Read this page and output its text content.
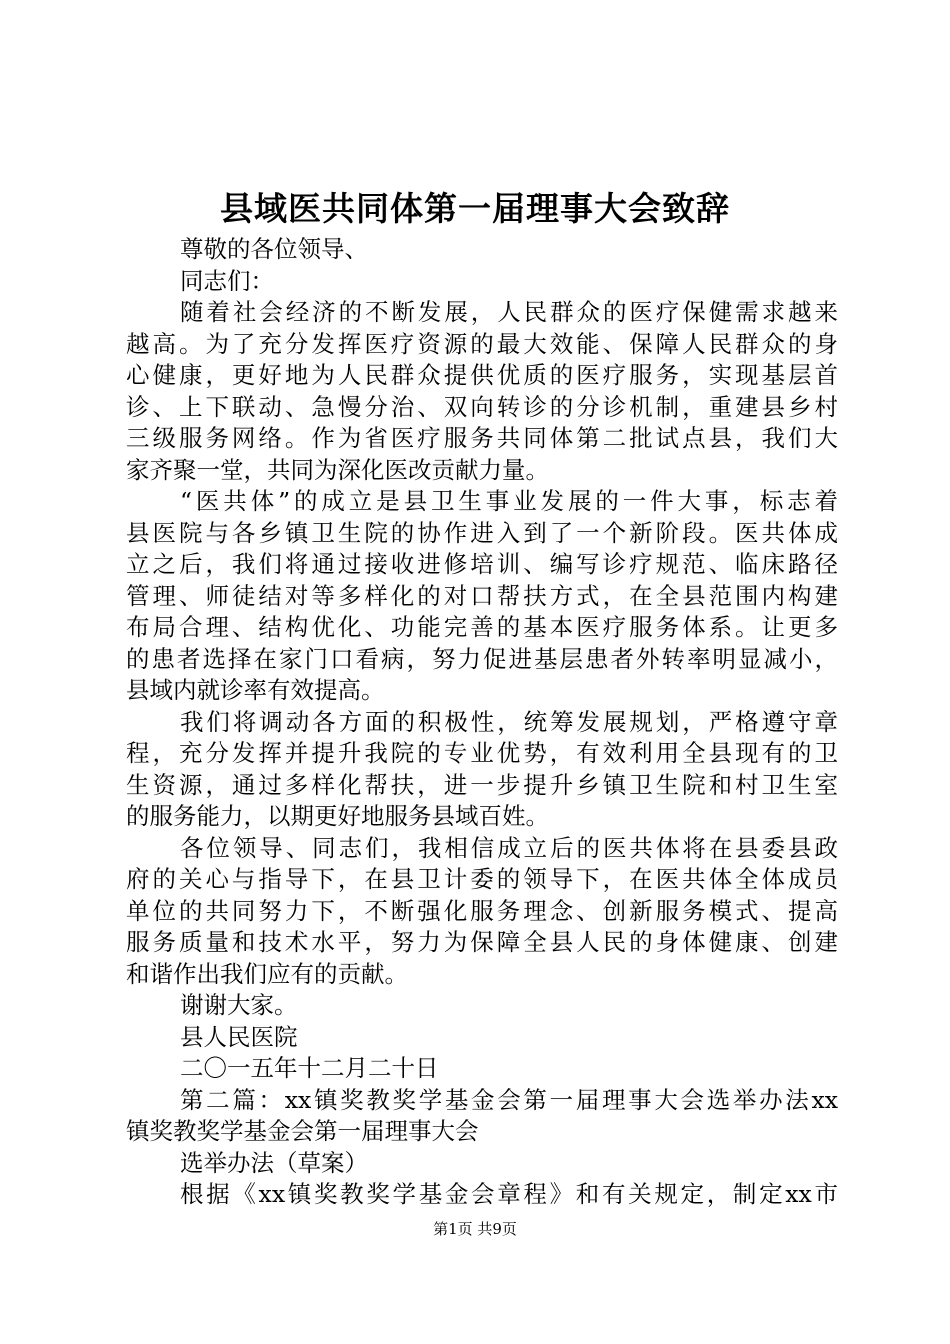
县域医共同体第一届理事大会致辞
尊敬的各位领导、
同志们：
随着社会经济的不断发展，人民群众的医疗保健需求越来
越高。为了充分发挥医疗资源的最大效能、保障人民群众的身
心健康，更好地为人民群众提供优质的医疗服务，实现基层首
诊、上下联动、急慢分治、双向转诊的分诊机制，重建县乡村
三级服务网络。作为省医疗服务共同体第二批试点县，我们大
家齐聚一堂，共同为深化医改贡献力量。
“医共体”的成立是县卫生事业发展的一件大事，标志着
县医院与各乡镇卫生院的协作进入到了一个新阶段。医共体成
立之后，我们将通过接收进修培训、编写诊疗规范、临床路径
管理、师徒结对等多样化的对口帮扶方式，在全县范围内构建
布局合理、结构优化、功能完善的基本医疗服务体系。让更多
的患者选择在家门口看病，努力促进基层患者外转率明显减小，
县域内就诊率有效提高。
我们将调动各方面的积极性，统筹发展规划，严格遵守章
程，充分发挥并提升我院的专业优势，有效利用全县现有的卫
生资源，通过多样化帮扶，进一步提升乡镇卫生院和村卫生室
的服务能力，以期更好地服务县域百姓。
各位领导、同志们，我相信成立后的医共体将在县委县政
府的关心与指导下，在县卫计委的领导下，在医共体全体成员
单位的共同努力下，不断强化服务理念、创新服务模式、提高
服务质量和技术水平，努力为保障全县人民的身体健康、创建
和谐作出我们应有的贡献。
谢谢大家。
县人民医院
二〇一五年十二月二十日
第二篇：xx镇奖教奖学基金会第一届理事大会选举办法xx
镇奖教奖学基金会第一届理事大会
选举办法（草案）
根据《xx镇奖教奖学基金会章程》和有关规定，制定xx市
第1页 共9页
